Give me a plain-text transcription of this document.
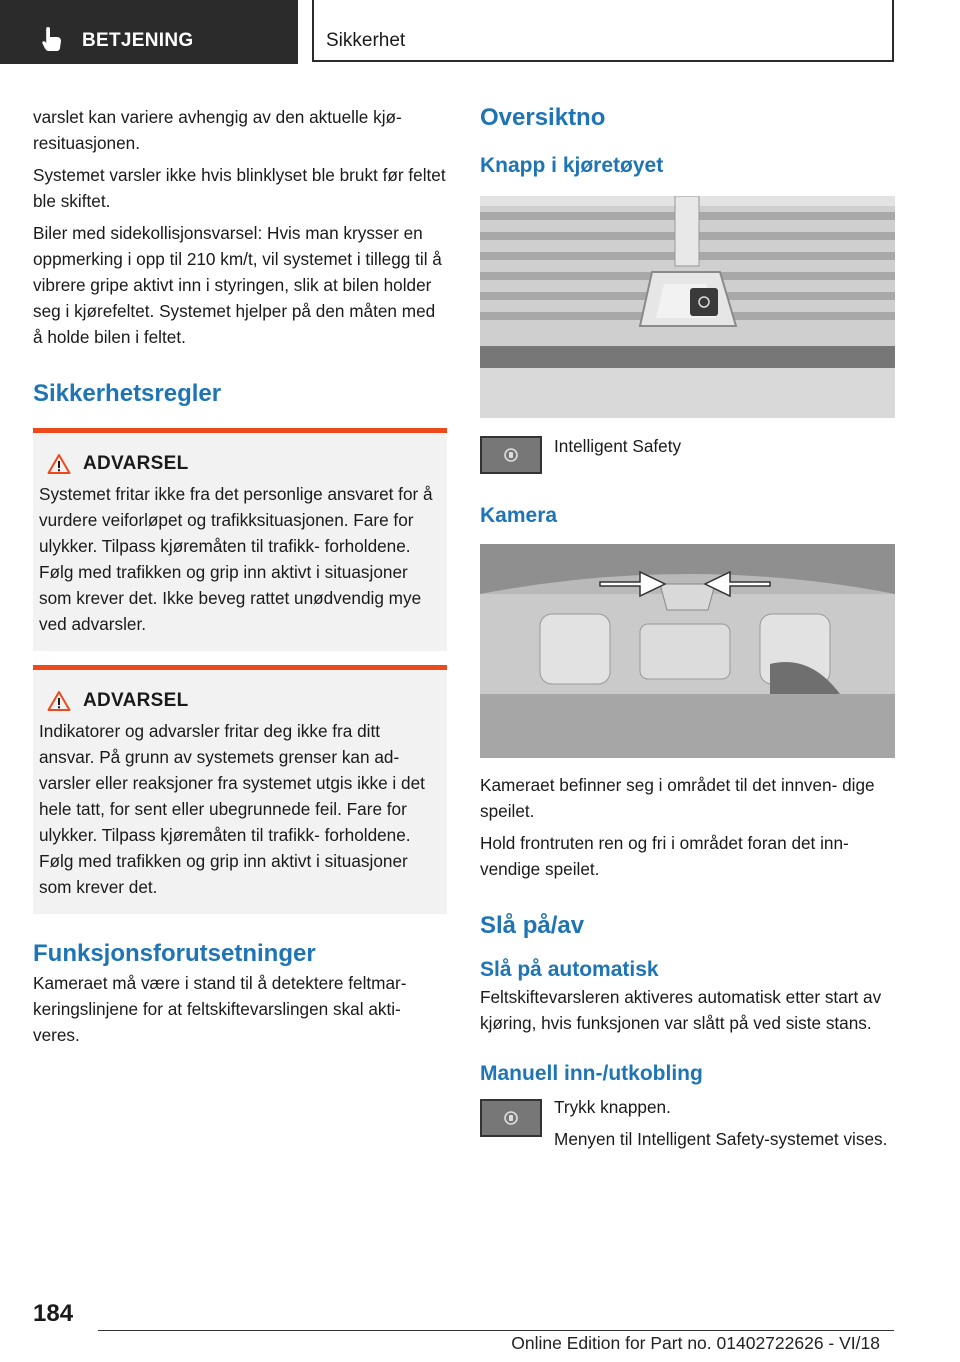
BETJENING	Sikkerhet

varslet kan variere avhengig av den aktuelle kjø- resituasjonen.

Systemet varsler ikke hvis blinklyset ble brukt før feltet ble skiftet.

Biler med sidekollisjonsvarsel: Hvis man krysser en oppmerking i opp til 210 km/t, vil systemet i tillegg til å vibrere gripe aktivt inn i styringen, slik at bilen holder seg i kjørefeltet. Systemet hjelper på den måten med å holde bilen i feltet.

Sikkerhetsregler
ADVARSEL

Systemet fritar ikke fra det personlige ansvaret for å vurdere veiforløpet og trafikksituasjonen. Fare for ulykker. Tilpass kjøremåten til trafikk- forholdene. Følg med trafikken og grip inn aktivt i situasjoner som krever det. Ikke beveg rattet unødvendig mye ved advarsler.

ADVARSEL

Indikatorer og advarsler fritar deg ikke fra ditt ansvar. På grunn av systemets grenser kan ad- varsler eller reaksjoner fra systemet utgis ikke i det hele tatt, for sent eller ubegrunnede feil. Fare for ulykker. Tilpass kjøremåten til trafikk- forholdene. Følg med trafikken og grip inn aktivt i situasjoner som krever det.

Funksjonsforutsetninger

Kameraet må være i stand til å detektere feltmar- keringslinjene for at feltskiftevarslingen skal akti- veres.

Oversiktno
Knapp i kjøretøyet
Intelligent Safety
Kamera

Kameraet befinner seg i området til det innven- dige speilet.

Hold frontruten ren og fri i området foran det inn- vendige speilet.

Slå på/av
Slå på automatisk

Feltskiftevarsleren aktiveres automatisk etter start av kjøring, hvis funksjonen var slått på ved siste stans.

Manuell inn-/utkobling

Trykk knappen.

Menyen til Intelligent Safety-systemet vises.

184
Online Edition for Part no. 01402722626 - VI/18
